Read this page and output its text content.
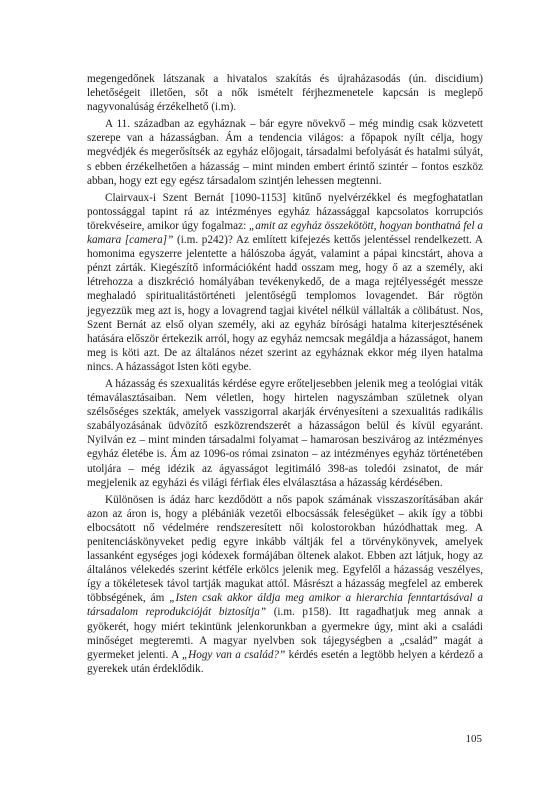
megengedőnek látszanak a hivatalos szakítás és újraházasodás (ún. discidium) lehetőségeit illetően, sőt a nők ismételt férjhezmenetele kapcsán is meglepő nagyvonalúság érzékelhető (i.m).

A 11. században az egyháznak – bár egyre növekvő – még mindig csak közvetett szerepe van a házasságban. Ám a tendencia világos: a főpapok nyílt célja, hogy megvédjék és megerősítsék az egyház előjogait, társadalmi befolyását és hatalmi súlyát, s ebben érzékelhetően a házasság – mint minden embert érintő szintér – fontos eszköz abban, hogy ezt egy egész társadalom szintjén lehessen megtenni.

Clairvaux-i Szent Bernát [1090-1153] kitűnő nyelvérzékkel és megfoghatatlan pontossággal tapint rá az intézményes egyház házassággal kapcsolatos korrupciós törekvéseire, amikor úgy fogalmaz: „amit az egyház összekötött, hogyan bonthatná fel a kamara [camera]” (i.m. p242)? Az említett kifejezés kettős jelentéssel rendelkezett. A homonima egyszerre jelentette a hálószoba ágyát, valamint a pápai kincstárt, ahova a pénzt zárták. Kiegészítő információként hadd osszam meg, hogy ő az a személy, aki létrehozza a diszkréció homályában tevékenykedő, de a maga rejtélyességét messze meghaladó spiritualitástörténeti jelentőségű templomos lovagendet. Bár rögtön jegyezzük meg azt is, hogy a lovagrend tagjai kivétel nélkül vállalták a cölibátust. Nos, Szent Bernát az első olyan személy, aki az egyház bírósági hatalma kiterjesztésének hatására először értekezik arról, hogy az egyház nemcsak megáldja a házasságot, hanem meg is köti azt. De az általános nézet szerint az egyháznak ekkor még ilyen hatalma nincs. A házasságot Isten köti egybe.

A házasság és szexualitás kérdése egyre erőteljesebben jelenik meg a teológiai viták témaválasztásaiban. Nem véletlen, hogy hirtelen nagyszámban születnek olyan szélsőséges szekták, amelyek vasszigorral akarják érvényesíteni a szexualitás radikális szabályozásának üdvözítő eszközrendszerét a házasságon belül és kívül egyaránt. Nyilván ez – mint minden társadalmi folyamat – hamarosan beszivárog az intézményes egyház életébe is. Ám az 1096-os római zsinaton – az intézményes egyház történetében utoljára – még idézik az ágyasságot legitimáló 398-as toledói zsinatot, de már megjelenik az egyházi és világi férfiak éles elválasztása a házasság kérdésében.

Különösen is ádáz harc kezdődött a nős papok számának visszaszorításában akár azon az áron is, hogy a plébániák vezetői elbocsássák feleségüket – akik így a többi elbocsátott nő védelmére rendszeresített női kolostorokban húzódhattak meg. A penitenciáskönyveket pedig egyre inkább váltják fel a törvénykönyvek, amelyek lassanként egységes jogi kódexek formájában öltenek alakot. Ebben azt látjuk, hogy az általános vélekedés szerint kétféle erkölcs jelenik meg. Egyfelől a házasság veszélyes, így a tökéletesek távol tartják magukat attól. Másrészt a házasság megfelel az emberek többségének, ám „Isten csak akkor áldja meg amikor a hierarchia fenntartásával a társadalom reprodukcióját biztosítja” (i.m. p158). Itt ragadhatjuk meg annak a gyökerét, hogy miért tekintünk jelenkorunkban a gyermekre úgy, mint aki a családi minőséget megteremti. A magyar nyelvben sok tájegységben a „család” magát a gyermeket jelenti. A „Hogy van a család?” kérdés esetén a legtöbb helyen a kérdező a gyerekek után érdeklődik.

105
